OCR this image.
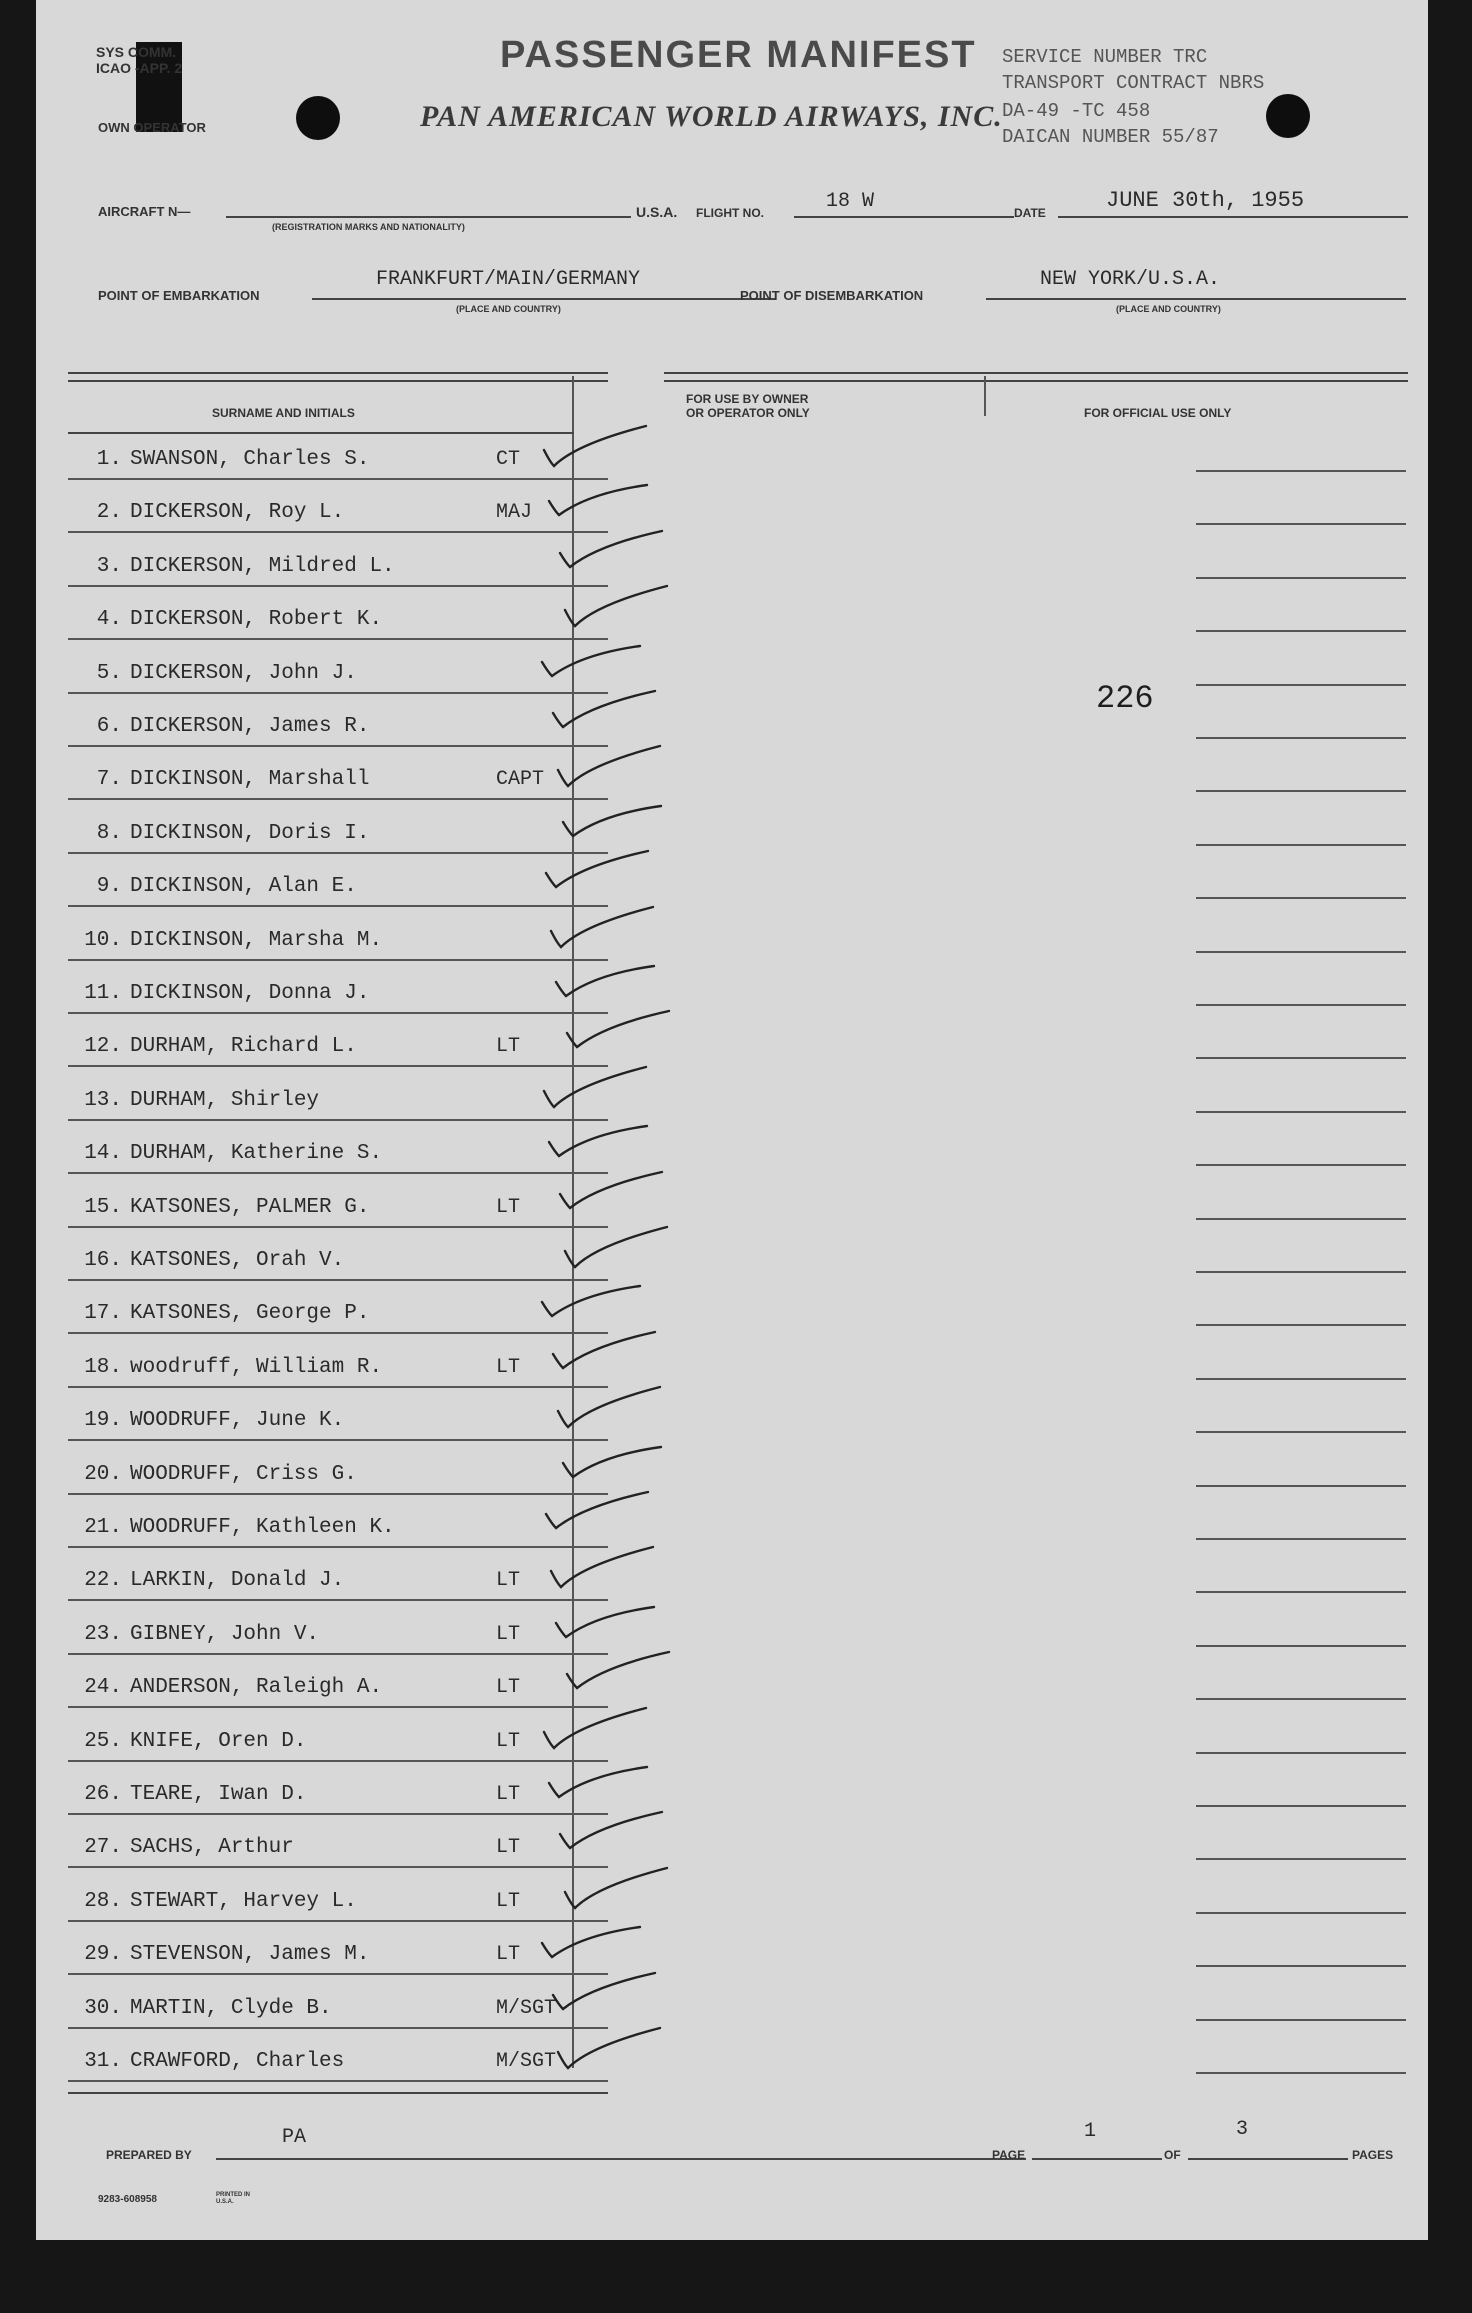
SYS COMM.
ICAO -APP. 2	PASSENGER MANIFEST
OWN OPERATOR	PAN AMERICAN WORLD AIRWAYS, INC.
SERVICE NUMBER TRC
TRANSPORT CONTRACT NBRS
DA-49 -TC 458
DAICAN NUMBER 55/87
AIRCRAFT N—
(REGISTRATION MARKS AND NATIONALITY)
U.S.A. FLIGHT NO.	18 W	DATE	JUNE 30th, 1955
POINT OF EMBARKATION
FRANKFURT/MAIN/GERMANY
(PLACE AND COUNTRY)
POINT OF DISEMBARKATION
NEW YORK/U.S.A.
(PLACE AND COUNTRY)
SURNAME AND INITIALS
FOR USE BY OWNER
OR OPERATOR ONLY	FOR OFFICIAL USE ONLY
226
1. SWANSON, Charles S.	CT
2. DICKERSON, Roy L.	MAJ
3. DICKERSON, Mildred L.
4. DICKERSON, Robert K.
5. DICKERSON, John J.
6. DICKERSON, James R.
7. DICKINSON, Marshall	CAPT
8. DICKINSON, Doris I.
9. DICKINSON, Alan E.
10. DICKINSON, Marsha M.
11. DICKINSON, Donna J.
12. DURHAM, Richard L.	LT
13. DURHAM, Shirley
14. DURHAM, Katherine S.
15. KATSONES, PALMER G.	LT
16. KATSONES, Orah V.
17. KATSONES, George P.
18. woodruff, William R.	LT
19. WOODRUFF, June K.
20. WOODRUFF, Criss G.
21. WOODRUFF, Kathleen K.
22. LARKIN, Donald J.	LT
23. GIBNEY, John V.	LT
24. ANDERSON, Raleigh A.	LT
25. KNIFE, Oren D.	LT
26. TEARE, Iwan D.	LT
27. SACHS, Arthur	LT
28. STEWART, Harvey L.	LT
29. STEVENSON, James M.	LT
30. MARTIN, Clyde B.	M/SGT
31. CRAWFORD, Charles	M/SGT
PREPARED BY
PA
PAGE
1
OF
3
PAGES
9283-608958	PRINTED IN U.S.A.
